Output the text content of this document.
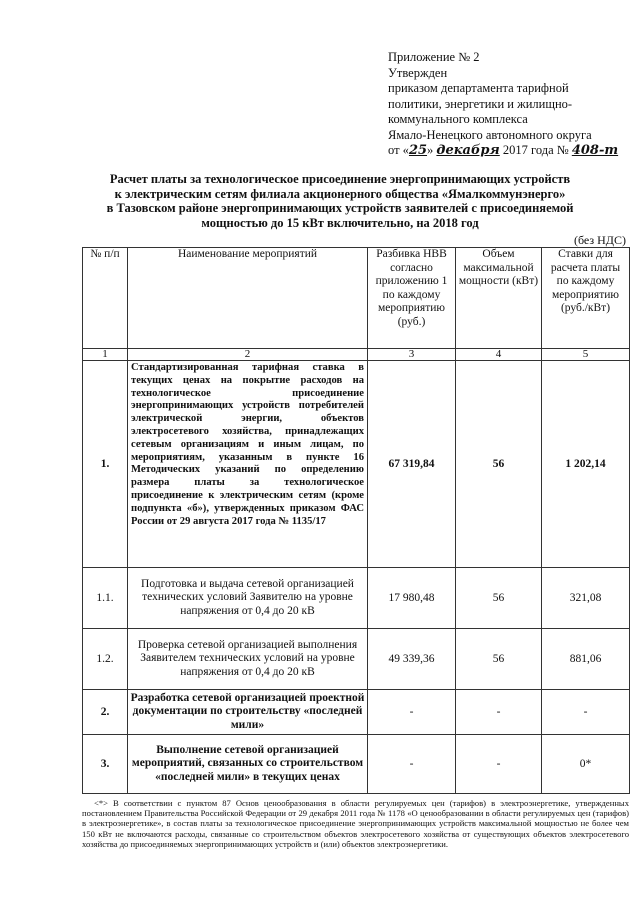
Приложение № 2
Утвержден
приказом департамента тарифной
политики, энергетики и жилищно-
коммунального комплекса
Ямало-Ненецкого автономного округа
от «25» декабря 2017 года № 408-т
Расчет платы за технологическое присоединение энергопринимающих устройств
к электрическим сетям филиала акционерного общества «Ямалкоммунэнерго»
в Тазовском районе энергопринимающих устройств заявителей с присоединяемой
мощностью до 15 кВт включительно, на 2018 год
(без НДС)
№ п/п	Наименование мероприятий	Разбивка НВВ согласно приложению 1 по каждому мероприятию (руб.)	Объем максимальной мощности (кВт)	Ставки для расчета платы по каждому мероприятию (руб./кВт)
1	2	3	4	5
1.	Стандартизированная тарифная ставка в текущих ценах на покрытие расходов на технологическое присоединение энергопринимающих устройств потребителей электрической энергии, объектов электросетевого хозяйства, принадлежащих сетевым организациям и иным лицам, по мероприятиям, указанным в пункте 16 Методических указаний по определению размера платы за технологическое присоединение к электрическим сетям (кроме подпункта «б»), утвержденных приказом ФАС России от 29 августа 2017 года № 1135/17	67 319,84	56	1 202,14
1.1.	Подготовка и выдача сетевой организацией технических условий Заявителю на уровне напряжения от 0,4 до 20 кВ	17 980,48	56	321,08
1.2.	Проверка сетевой организацией выполнения Заявителем технических условий на уровне напряжения от 0,4 до 20 кВ	49 339,36	56	881,06
2.	Разработка сетевой организацией проектной документации по строительству «последней мили»	-	-	-
3.	Выполнение сетевой организацией мероприятий, связанных со строительством «последней мили» в текущих ценах	-	-	0*
<*> В соответствии с пунктом 87 Основ ценообразования в области регулируемых цен (тарифов) в электроэнергетике, утвержденных постановлением Правительства Российской Федерации от 29 декабря 2011 года № 1178 «О ценообразовании в области регулируемых цен (тарифов) в электроэнергетике», в состав платы за технологическое присоединение энергопринимающих устройств максимальной мощностью не более чем 150 кВт не включаются расходы, связанные со строительством объектов электросетевого хозяйства от существующих объектов электросетевого хозяйства до присоединяемых энергопринимающих устройств и (или) объектов электроэнергетики.
